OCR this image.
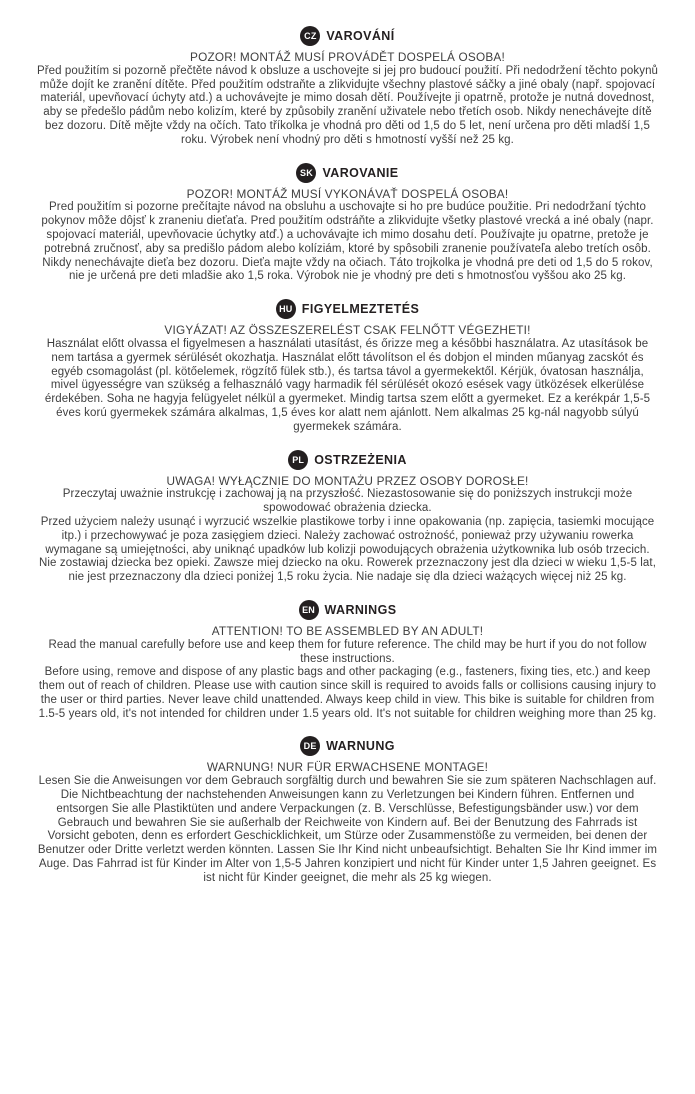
CZ VAROVÁNÍ

POZOR! MONTÁŽ MUSÍ PROVÁDĚT DOSPELÁ OSOBA!

Před použitím si pozorně přečtěte návod k obsluze a uschovejte si jej pro budoucí použití. Při nedodržení těchto pokynů může dojít ke zranění dítěte. Před použitím odstraňte a zlikvidujte všechny plastové sáčky a jiné obaly (např. spojovací materiál, upevňovací úchyty atd.) a uchovávejte je mimo dosah dětí. Používejte ji opatrně, protože je nutná dovednost, aby se předešlo pádům nebo kolizím, které by způsobily zranění uživatele nebo třetích osob. Nikdy nenechávejte dítě bez dozoru. Dítě mějte vždy na očích. Tato tříkolka je vhodná pro děti od 1,5 do 5 let, není určena pro děti mladší 1,5 roku. Výrobek není vhodný pro děti s hmotností vyšší než 25 kg.

SK VAROVANIE

POZOR! MONTÁŽ MUSÍ VYKONÁVAŤ DOSPELÁ OSOBA!

Pred použitím si pozorne prečítajte návod na obsluhu a uschovajte si ho pre budúce použitie. Pri nedodržaní týchto pokynov môže dôjsť k zraneniu dieťaťa. Pred použitím odstráňte a zlikvidujte všetky plastové vrecká a iné obaly (napr. spojovací materiál, upevňovacie úchytky atď.) a uchovávajte ich mimo dosahu detí. Používajte ju opatrne, pretože je potrebná zručnosť, aby sa predišlo pádom alebo kolíziám, ktoré by spôsobili zranenie používateľa alebo tretích osôb. Nikdy nenechávajte dieťa bez dozoru. Dieťa majte vždy na očiach. Táto trojkolka je vhodná pre deti od 1,5 do 5 rokov, nie je určená pre deti mladšie ako 1,5 roka. Výrobok nie je vhodný pre deti s hmotnosťou vyššou ako 25 kg.

HU FIGYELMEZTETÉS

VIGYÁZAT! AZ ÖSSZESZERELÉST CSAK FELNŐTT VÉGEZHETI!

Használat előtt olvassa el figyelmesen a használati utasítást, és őrizze meg a későbbi használatra. Az utasítások be nem tartása a gyermek sérülését okozhatja. Használat előtt távolítson el és dobjon el minden műanyag zacskót és egyéb csomagolást (pl. kötőelemek, rögzítő fülek stb.), és tartsa távol a gyermekektől. Kérjük, óvatosan használja, mivel ügyességre van szükség a felhasználó vagy harmadik fél sérülését okozó esések vagy ütközések elkerülése érdekében. Soha ne hagyja felügyelet nélkül a gyermeket. Mindig tartsa szem előtt a gyermeket. Ez a kerékpár 1,5-5 éves korú gyermekek számára alkalmas, 1,5 éves kor alatt nem ajánlott. Nem alkalmas 25 kg-nál nagyobb súlyú gyermekek számára.

PL OSTRZEŻENIA

UWAGA! WYŁĄCZNIE DO MONTAŻU PRZEZ OSOBY DOROSŁE!

Przeczytaj uważnie instrukcję i zachowaj ją na przyszłość. Niezastosowanie się do poniższych instrukcji może spowodować obrażenia dziecka.

Przed użyciem należy usunąć i wyrzucić wszelkie plastikowe torby i inne opakowania (np. zapięcia, tasiemki mocujące itp.) i przechowywać je poza zasięgiem dzieci. Należy zachować ostrożność, ponieważ przy używaniu rowerka wymagane są umiejętności, aby uniknąć upadków lub kolizji powodujących obrażenia użytkownika lub osób trzecich. Nie zostawiaj dziecka bez opieki. Zawsze miej dziecko na oku. Rowerek przeznaczony jest dla dzieci w wieku 1,5-5 lat, nie jest przeznaczony dla dzieci poniżej 1,5 roku życia. Nie nadaje się dla dzieci ważących więcej niż 25 kg.

EN WARNINGS

ATTENTION! TO BE ASSEMBLED BY AN ADULT!

Read the manual carefully before use and keep them for future reference. The child may be hurt if you do not follow these instructions.

Before using, remove and dispose of any plastic bags and other packaging (e.g., fasteners, fixing ties, etc.) and keep them out of reach of children. Please use with caution since skill is required to avoids falls or collisions causing injury to the user or third parties. Never leave child unattended. Always keep child in view. This bike is suitable for children from 1.5-5 years old, it's not intended for children under 1.5 years old. It's not suitable for children weighing more than 25 kg.

DE WARNUNG

WARNUNG! NUR FÜR ERWACHSENE MONTAGE!

Lesen Sie die Anweisungen vor dem Gebrauch sorgfältig durch und bewahren Sie sie zum späteren Nachschlagen auf. Die Nichtbeachtung der nachstehenden Anweisungen kann zu Verletzungen bei Kindern führen. Entfernen und entsorgen Sie alle Plastiktüten und andere Verpackungen (z. B. Verschlüsse, Befestigungsbänder usw.) vor dem Gebrauch und bewahren Sie sie außerhalb der Reichweite von Kindern auf. Bei der Benutzung des Fahrrads ist Vorsicht geboten, denn es erfordert Geschicklichkeit, um Stürze oder Zusammenstöße zu vermeiden, bei denen der Benutzer oder Dritte verletzt werden könnten. Lassen Sie Ihr Kind nicht unbeaufsichtigt. Behalten Sie Ihr Kind immer im Auge. Das Fahrrad ist für Kinder im Alter von 1,5-5 Jahren konzipiert und nicht für Kinder unter 1,5 Jahren geeignet. Es ist nicht für Kinder geeignet, die mehr als 25 kg wiegen.
